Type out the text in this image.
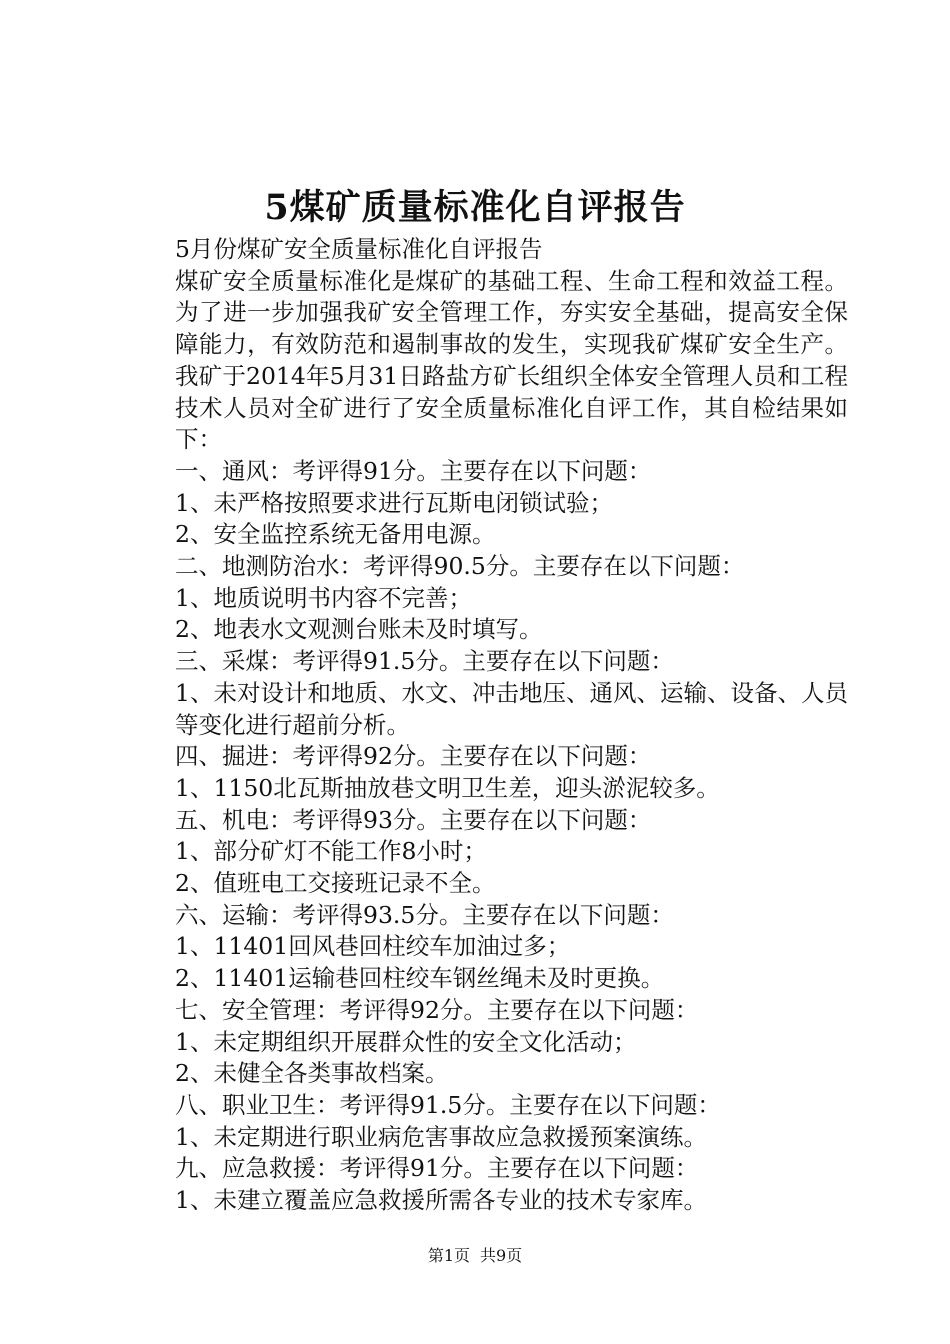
5煤矿质量标准化自评报告

5月份煤矿安全质量标准化自评报告

煤矿安全质量标准化是煤矿的基础工程、生命工程和效益工程。为了进一步加强我矿安全管理工作，夯实安全基础，提高安全保障能力，有效防范和遏制事故的发生，实现我矿煤矿安全生产。我矿于2014年5月31日路盐方矿长组织全体安全管理人员和工程技术人员对全矿进行了安全质量标准化自评工作，其自检结果如下：

一、通风：考评得91分。主要存在以下问题：

1、未严格按照要求进行瓦斯电闭锁试验；

2、安全监控系统无备用电源。

二、地测防治水：考评得90.5分。主要存在以下问题：

1、地质说明书内容不完善；

2、地表水文观测台账未及时填写。

三、采煤：考评得91.5分。主要存在以下问题：

1、未对设计和地质、水文、冲击地压、通风、运输、设备、人员等变化进行超前分析。

四、掘进：考评得92分。主要存在以下问题：

1、1150北瓦斯抽放巷文明卫生差，迎头淤泥较多。

五、机电：考评得93分。主要存在以下问题：

1、部分矿灯不能工作8小时；

2、值班电工交接班记录不全。

六、运输：考评得93.5分。主要存在以下问题：

1、11401回风巷回柱绞车加油过多；

2、11401运输巷回柱绞车钢丝绳未及时更换。

七、安全管理：考评得92分。主要存在以下问题：

1、未定期组织开展群众性的安全文化活动；

2、未健全各类事故档案。

八、职业卫生：考评得91.5分。主要存在以下问题：

1、未定期进行职业病危害事故应急救援预案演练。

九、应急救援：考评得91分。主要存在以下问题：

1、未建立覆盖应急救援所需各专业的技术专家库。

第1页 共9页
